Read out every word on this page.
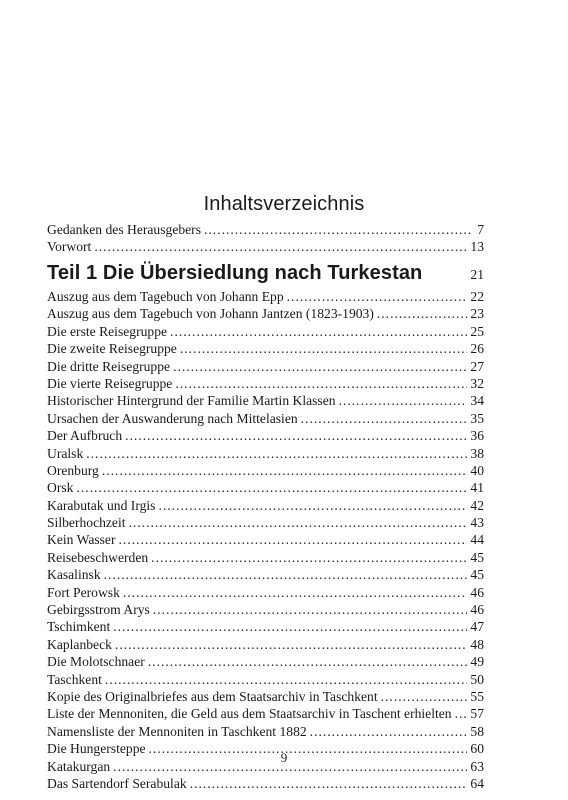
Inhaltsverzeichnis
Gedanken des Herausgebers . . .	7
Vorwort . . .	13
Teil 1 Die Übersiedlung nach Turkestan	21
Auszug aus dem Tagebuch von Johann Epp . . .	22
Auszug aus dem Tagebuch von Johann Jantzen (1823-1903) . . .	23
Die erste Reisegruppe . . .	25
Die zweite Reisegruppe . . .	26
Die dritte Reisegruppe . . .	27
Die vierte Reisegruppe . . .	32
Historischer Hintergrund der Familie Martin Klassen . . .	34
Ursachen der Auswanderung nach Mittelasien . . .	35
Der Aufbruch . . .	36
Uralsk . . .	38
Orenburg . . .	40
Orsk . . .	41
Karabutak und Irgis . . .	42
Silberhochzeit . . .	43
Kein Wasser . . .	44
Reisebeschwerden . . .	45
Kasalinsk . . .	45
Fort Perowsk . . .	46
Gebirgsstrom Arys . . .	46
Tschimkent . . .	47
Kaplanbeck . . .	48
Die Molotschnaer . . .	49
Taschkent . . .	50
Kopie des Originalbriefes aus dem Staatsarchiv in Taschkent . . .	55
Liste der Mennoniten, die Geld aus dem Staatsarchiv in Taschent erhielten . . . 57
Namensliste der Mennoniten in Taschkent 1882 . . .	58
Die Hungersteppe . . .	60
Katakurgan . . .	63
Das Sartendorf Serabulak . . .	64
9
